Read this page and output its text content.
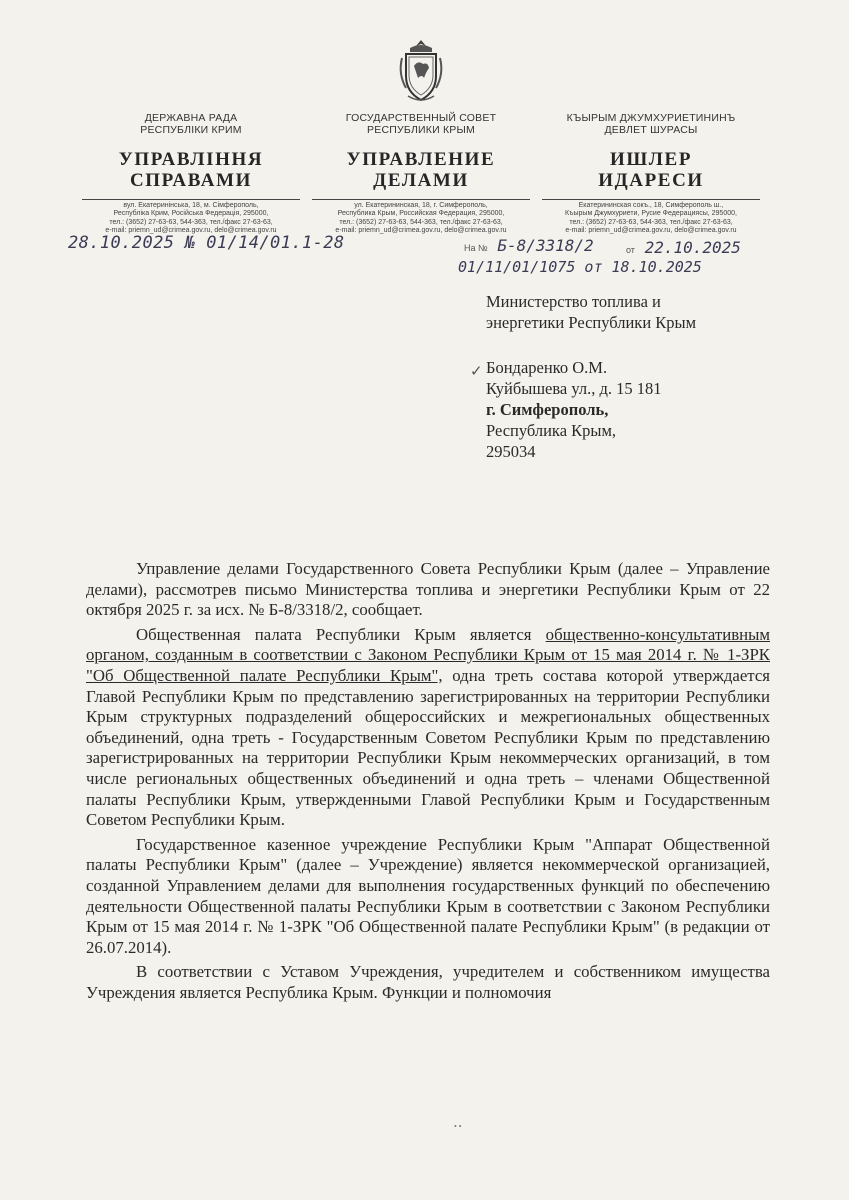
ДЕРЖАВНА РАДА
РЕСПУБЛІКИ КРИМ
УПРАВЛІННЯ
СПРАВАМИ
вул. Екатеринінська, 18, м. Сімферополь,
Республіка Крим, Російська Федерація, 295000,
тел.: (3652) 27-63-63, 544-363, тел./факс 27-63-63,
e-mail: priemn_ud@crimea.gov.ru, delo@crimea.gov.ru
ГОСУДАРСТВЕННЫЙ СОВЕТ
РЕСПУБЛИКИ КРЫМ
УПРАВЛЕНИЕ
ДЕЛАМИ
ул. Екатерининская, 18, г. Симферополь,
Республика Крым, Российская Федерация, 295000,
тел.: (3652) 27-63-63, 544-363, тел./факс 27-63-63,
e-mail: priemn_ud@crimea.gov.ru, delo@crimea.gov.ru
КЪЫРЫМ ДЖУМХУРИЕТИНИНЪ
ДЕВЛЕТ ШУРАСЫ
ИШЛЕР
ИДАРЕСИ
Екатерининская сокъ., 18, Симферополь ш.,
Къырым Джумхуриети, Русие Федерациясы, 295000,
тел.: (3652) 27-63-63, 544-363, тел./факс 27-63-63,
e-mail: priemn_ud@crimea.gov.ru, delo@crimea.gov.ru
28.10.2025 № 01/14/01.1-28	На № Б-8/3318/2	от 22.10.2025
01/11/01/1075 от 18.10.2025
Министерство топлива и
энергетики Республики Крым
Бондаренко О.М.
Куйбышева ул., д. 15 181
г. Симферополь,
Республика Крым,
295034
✓

Управление делами Государственного Совета Республики Крым (далее – Управление делами), рассмотрев письмо Министерства топлива и энергетики Республики Крым от 22 октября 2025 г. за исх. № Б-8/3318/2, сообщает.

Общественная палата Республики Крым является общественно-консультативным органом, созданным в соответствии с Законом Республики Крым от 15 мая 2014 г. № 1-ЗРК "Об Общественной палате Республики Крым", одна треть состава которой утверждается Главой Республики Крым по представлению зарегистрированных на территории Республики Крым структурных подразделений общероссийских и межрегиональных общественных объединений, одна треть - Государственным Советом Республики Крым по представлению зарегистрированных на территории Республики Крым некоммерческих организаций, в том числе региональных общественных объединений и одна треть – членами Общественной палаты Республики Крым, утвержденными Главой Республики Крым и Государственным Советом Республики Крым.

Государственное казенное учреждение Республики Крым "Аппарат Общественной палаты Республики Крым" (далее – Учреждение) является некоммерческой организацией, созданной Управлением делами для выполнения государственных функций по обеспечению деятельности Общественной палаты Республики Крым в соответствии с Законом Республики Крым от 15 мая 2014 г. № 1-ЗРК "Об Общественной палате Республики Крым" (в редакции от 26.07.2014).

В соответствии с Уставом Учреждения, учредителем и собственником имущества Учреждения является Республика Крым. Функции и полномочия

• •
